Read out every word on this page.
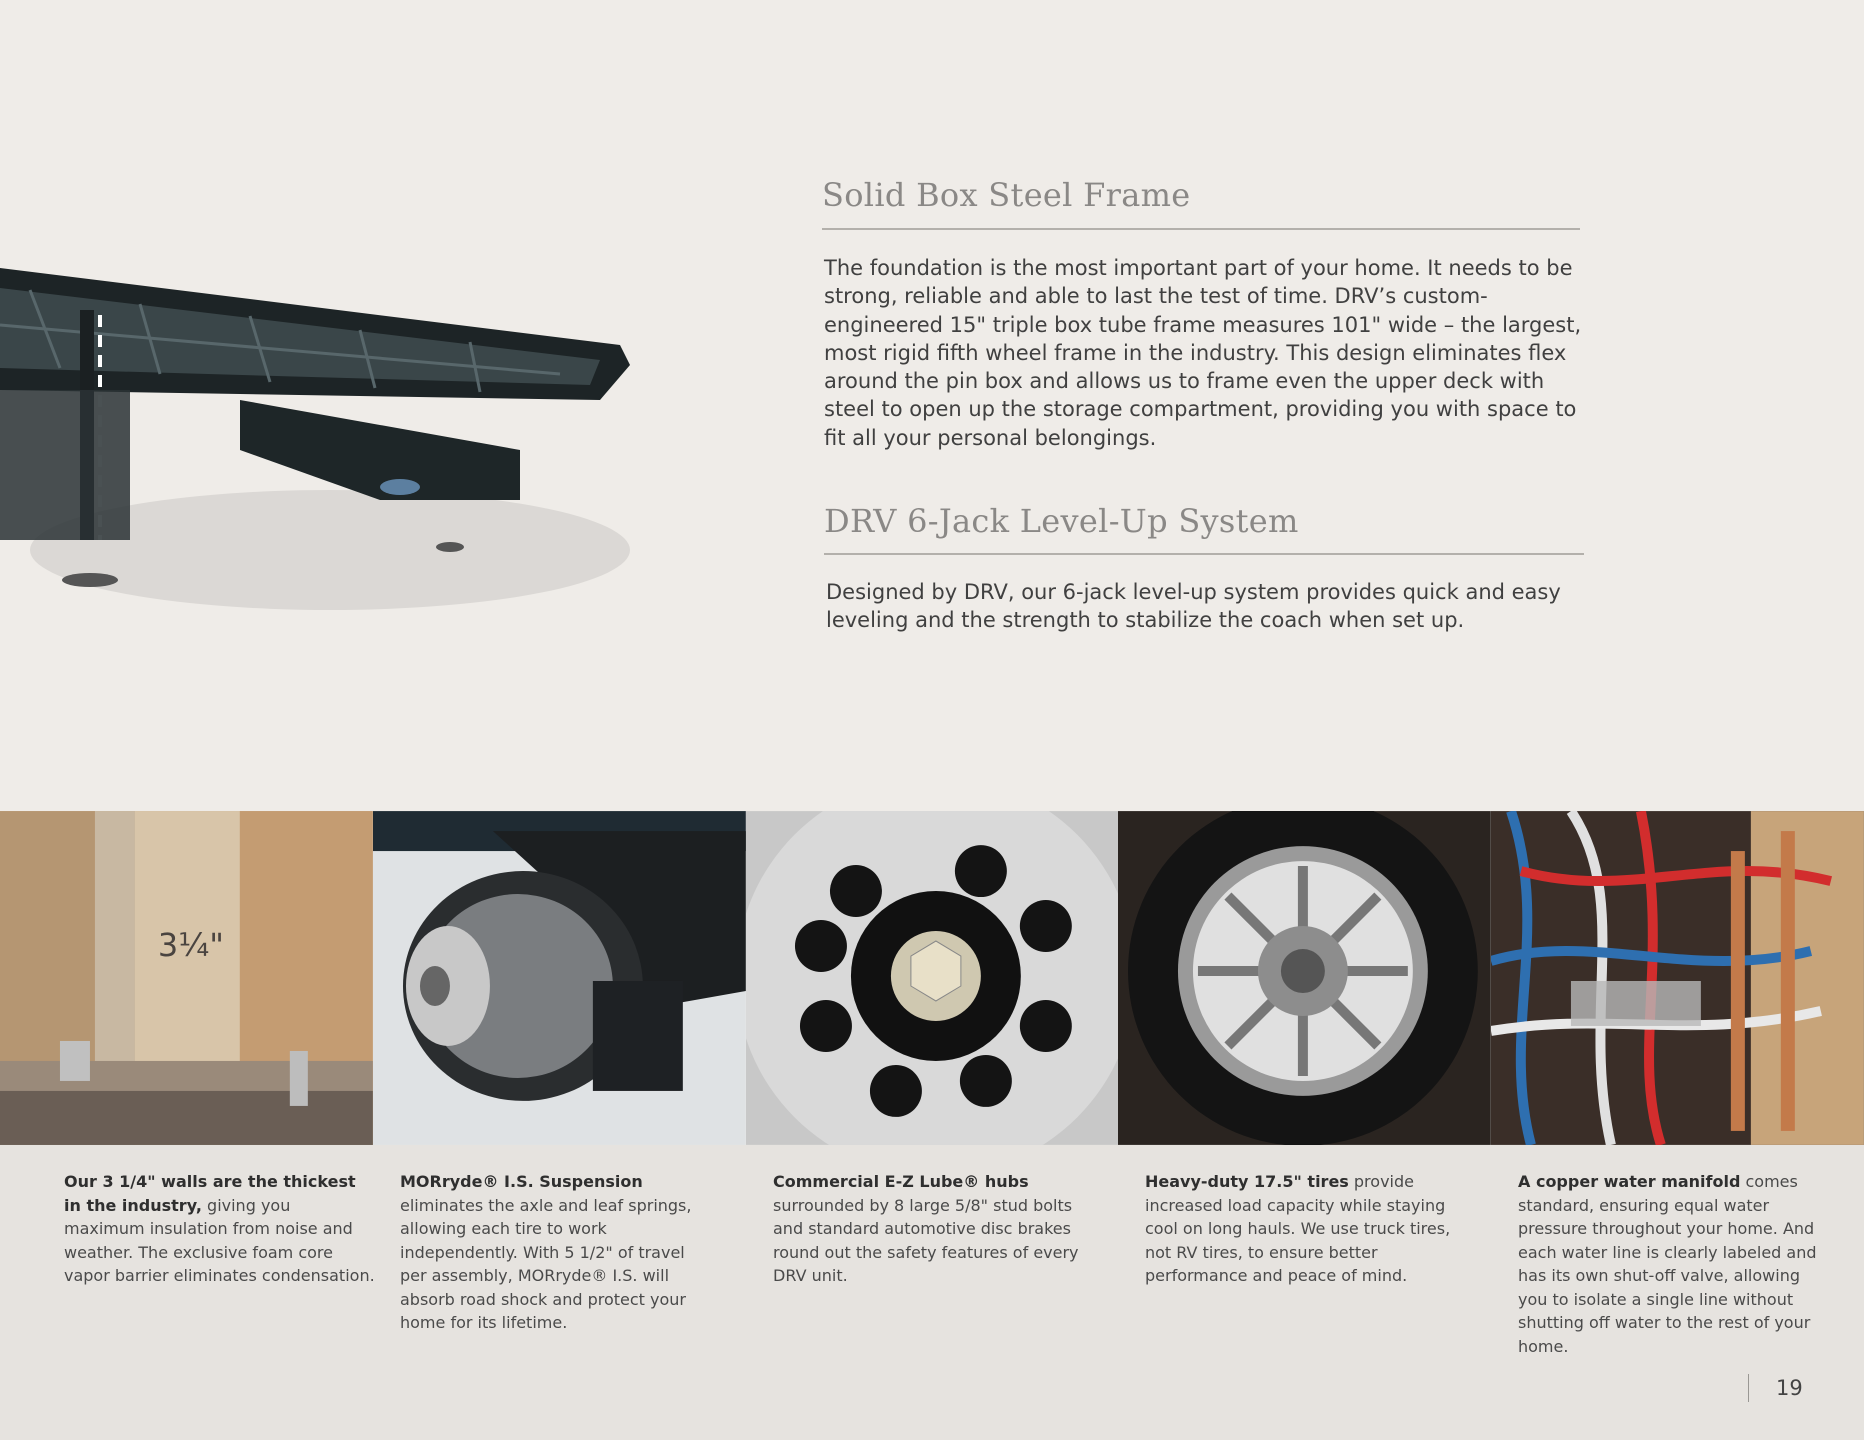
Solid Box Steel Frame

The foundation is the most important part of your home. It needs to be strong, reliable and able to last the test of time. DRV’s custom-engineered 15" triple box tube frame measures 101" wide – the largest, most rigid fifth wheel frame in the industry. This design eliminates flex around the pin box and allows us to frame even the upper deck with steel to open up the storage compartment, providing you with space to fit all your personal belongings.

DRV 6-Jack Level-Up System

Designed by DRV, our 6-jack level-up system provides quick and easy leveling and the strength to stabilize the coach when set up.

3¼"

Our 3 1/4" walls are the thickest in the industry, giving you maximum insulation from noise and weather. The exclusive foam core vapor barrier eliminates condensation.

MORryde® I.S. Suspension eliminates the axle and leaf springs, allowing each tire to work independently. With 5 1/2" of travel per assembly, MORryde® I.S. will absorb road shock and protect your home for its lifetime.

Commercial E-Z Lube® hubs surrounded by 8 large 5/8" stud bolts and standard automotive disc brakes round out the safety features of every DRV unit.

Heavy-duty 17.5" tires provide increased load capacity while staying cool on long hauls. We use truck tires, not RV tires, to ensure better performance and peace of mind.

A copper water manifold comes standard, ensuring equal water pressure throughout your home. And each water line is clearly labeled and has its own shut-off valve, allowing you to isolate a single line without shutting off water to the rest of your home.

19
